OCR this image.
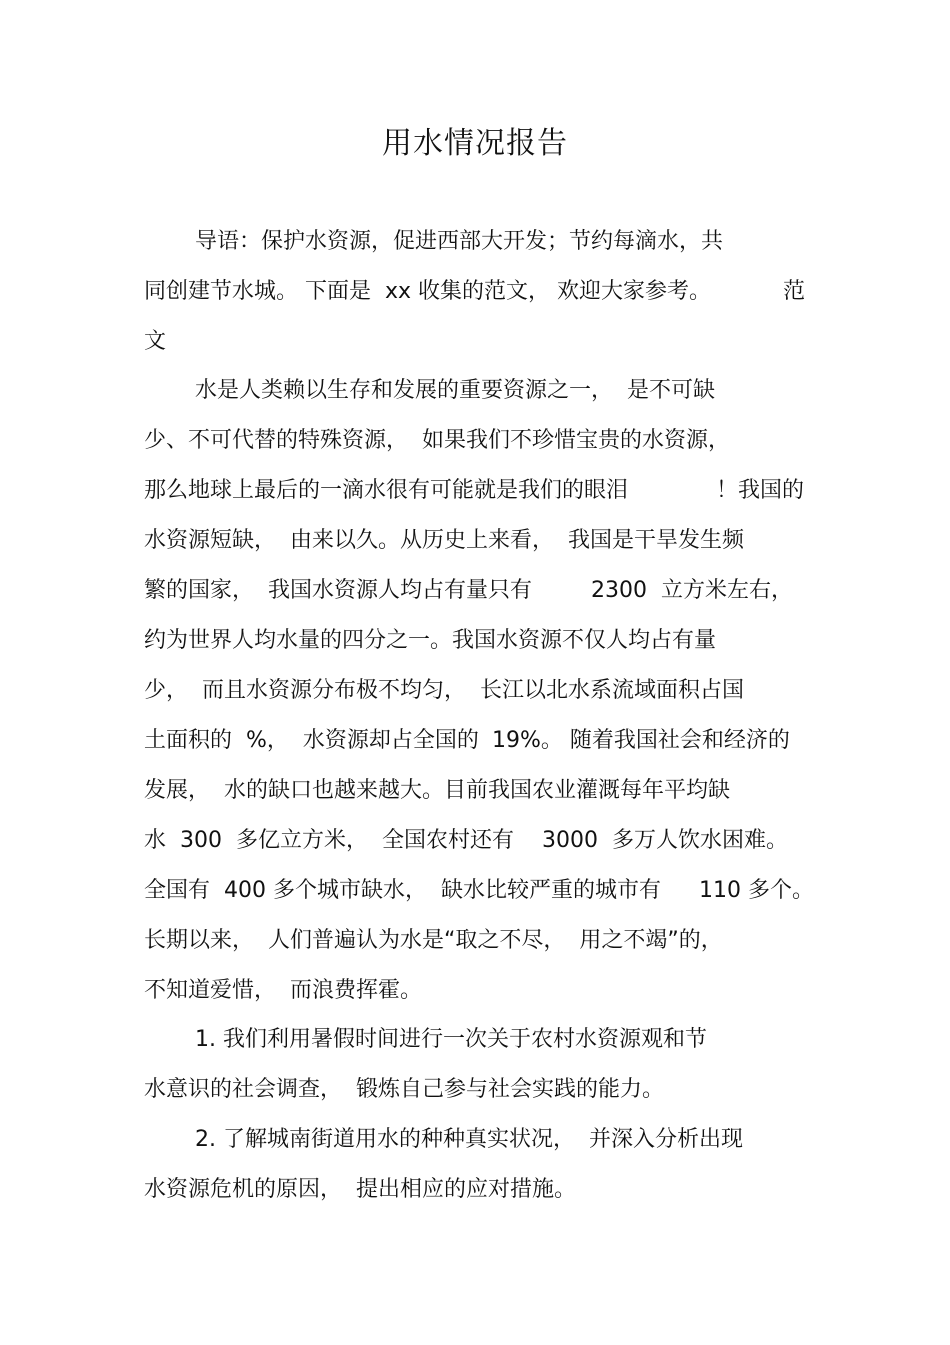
用水情况报告
导语：保护水资源，促进西部大开发；节约每滴水，共
同创建节水城。 下面是  xx 收集的范文， 欢迎大家参考。	范
文
水是人类赖以生存和发展的重要资源之一，  是不可缺
少、不可代替的特殊资源，  如果我们不珍惜宝贵的水资源，
那么地球上最后的一滴水很有可能就是我们的眼泪	！我国的
水资源短缺，  由来以久。从历史上来看，  我国是干旱发生频
繁的国家，  我国水资源人均占有量只有	2300  立方米左右，
约为世界人均水量的四分之一。我国水资源不仅人均占有量
少，  而且水资源分布极不均匀，  长江以北水系流域面积占国
土面积的  %，  水资源却占全国的 19%。 随着我国社会和经济的
发展，  水的缺口也越来越大。目前我国农业灌溉每年平均缺
水  300  多亿立方米，  全国农村还有 3000  多万人饮水困难。
全国有  400 多个城市缺水，  缺水比较严重的城市有 110 多个。
长期以来，  人们普遍认为水是“取之不尽，  用之不竭”的，
不知道爱惜，  而浪费挥霍。
1. 我们利用暑假时间进行一次关于农村水资源观和节
水意识的社会调查，  锻炼自己参与社会实践的能力。
2. 了解城南街道用水的种种真实状况，  并深入分析出现
水资源危机的原因，  提出相应的应对措施。
